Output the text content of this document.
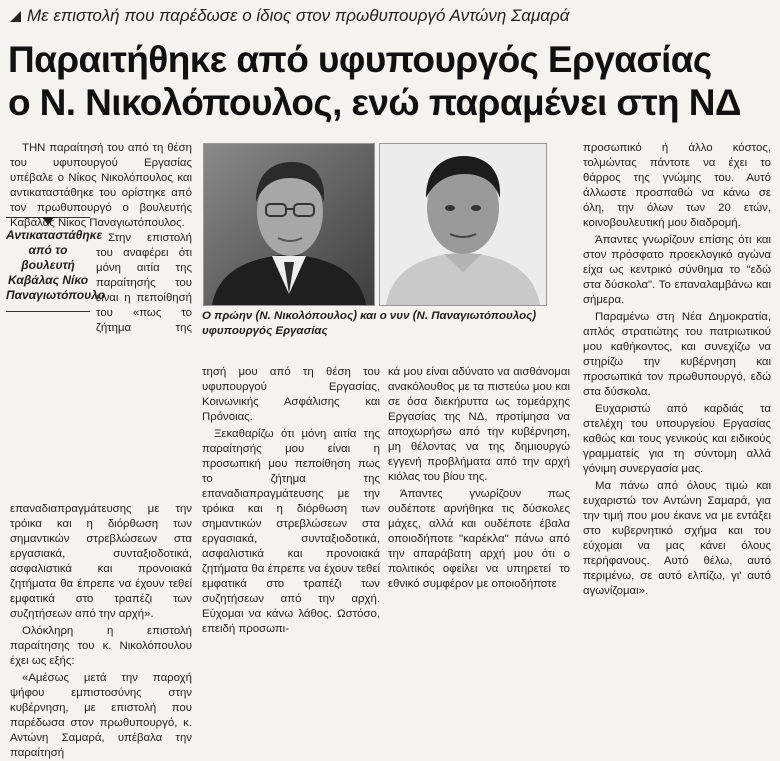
Με επιστολή που παρέδωσε ο ίδιος στον πρωθυπουργό Αντώνη Σαμαρά
Παραιτήθηκε από υφυπουργός Εργασίας
ο Ν. Νικολόπουλος, ενώ παραμένει στη ΝΔ

ΤΗΝ παραίτησή του από τη θέση του υφυπουργού Εργασίας υπέβαλε ο Νίκος Νικολόπουλος και αντικαταστάθηκε του ορίστηκε από τον πρωθυπουργό ο βουλευτής Καβάλας Νίκος Παναγιωτόπουλος.

Στην επιστολή του αναφέρει ότι μόνη αιτία της παραίτησής του είναι η πεποίθησή του «πως το ζήτημα της επαναδιαπραγμάτευσης με την τρόικα και η διόρθωση των σημαντικών στρεβλώσεων στα εργασιακά, συνταξιοδοτικά, ασφαλιστικά και προνοιακά ζητήματα θα έπρεπε να έχουν τεθεί εμφατικά στο τραπέζι των συζητήσεων από την αρχή».

Ολόκληρη η επιστολή παραίτησης του κ. Νικολόπουλου έχει ως εξής:

«Αμέσως μετά την παροχή ψήφου εμπιστοσύνης στην κυβέρνηση, με επιστολή που παρέδωσα στον πρωθυπουργό, κ. Αντώνη Σαμαρά, υπέβαλα την παραίτησή

Αντικαταστάθηκε από το βουλευτή Καβάλας Νίκο Παναγιωτόπουλο
Ο πρώην (Ν. Νικολόπουλος) και ο νυν (Ν. Παναγιωτόπουλος) υφυπουργός Εργασίας

τησή μου από τη θέση του υφυπουργού Εργασίας, Κοινωνικής Ασφάλισης και Πρόνοιας.

Ξεκαθαρίζω ότι μόνη αιτία της παραίτησής μου είναι η προσωπική μου πεποίθηση πως το ζήτημα της επαναδιαπραγμάτευσης με την τρόικα και η διόρθωση των σημαντικών στρεβλώσεων στα εργασιακά, συνταξιοδοτικά, ασφαλιστικά και προνοιακά ζητήματα θα έπρεπε να έχουν τεθεί εμφατικά στο τραπέζι των συζητήσεων από την αρχή. Εύχομαι να κάνω λάθος. Ωστόσο, επειδή προσωπι-

κά μου είναι αδύνατο να αισθάνομαι ανακόλουθος με τα πιστεύω μου και σε όσα διεκήρυττα ως τομεάρχης Εργασίας της ΝΔ, προτίμησα να αποχωρήσω από την κυβέρνηση, μη θέλοντας να της δημιουργώ εγγενή προβλήματα από την αρχή κιόλας του βίου της.

Άπαντες γνωρίζουν πως ουδέποτε αρνήθηκα τις δύσκολες μάχες, αλλά και ουδέποτε έβαλα οποιοδήποτε "καρέκλα" πάνω από την απαράβατη αρχή μου ότι ο πολιτικός οφείλει να υπηρετεί το εθνικό συμφέρον με οποιοδήποτε

προσωπικό ή άλλο κόστος, τολμώντας πάντοτε να έχει το θάρρος της γνώμης του. Αυτό άλλωστε προσπαθώ να κάνω σε όλη, την όλων των 20 ετών, κοινοβουλευτική μου διαδρομή.

Άπαντες γνωρίζουν επίσης ότι και στον πρόσφατο προεκλογικό αγώνα είχα ως κεντρικό σύνθημα το "εδώ στα δύσκολα". Το επαναλαμβάνω και σήμερα.

Παραμένω στη Νέα Δημοκρατία, απλός στρατιώτης του πατριωτικού μου καθήκοντος, και συνεχίζω να στηρίζω την κυβέρνηση και προσωπικά τον πρωθυπουργό, εδώ στα δύσκολα.

Ευχαριστώ από καρδιάς τα στελέχη του υπουργείου Εργασίας καθώς και τους γενικούς και ειδικούς γραμματείς για τη σύντομη αλλά γόνιμη συνεργασία μας.

Μα πάνω από όλους τιμώ και ευχαριστώ τον Αντώνη Σαμαρά, για την τιμή που μου έκανε να με εντάξει στο κυβερνητικό σχήμα και του εύχομαι να μας κάνει όλους περήφανους. Αυτό θέλω, αυτό περιμένω, σε αυτό ελπίζω, γι' αυτό αγωνίζομαι».
